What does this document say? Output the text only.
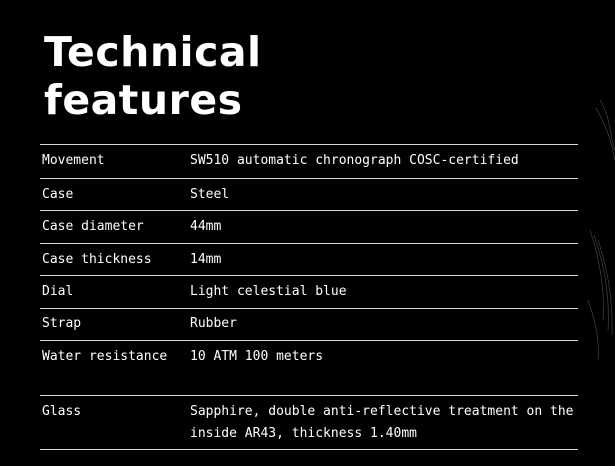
Technical
features
Movement	SW510 automatic chronograph COSC-certified
Case	Steel
Case diameter	44mm
Case thickness	14mm
Dial	Light celestial blue
Strap	Rubber
Water resistance	10 ATM 100 meters
Glass	Sapphire, double anti-reflective treatment on the inside AR43, thickness 1.40mm
